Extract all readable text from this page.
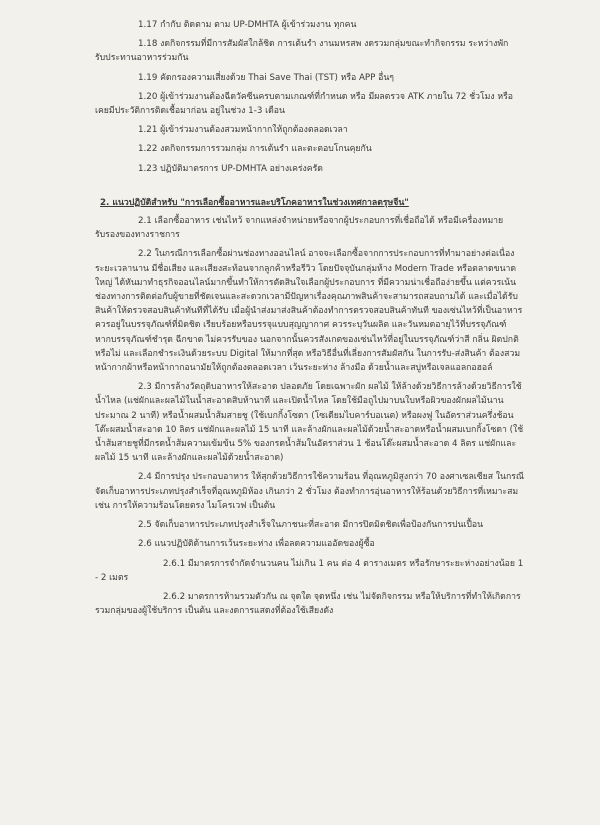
1.17 กำกับ ติดตาม ตาม UP-DMHTA ผู้เข้าร่วมงาน ทุกคน
1.18 งดกิจกรรมที่มีการสัมผัสใกล้ชิด การเต้นรำ งานมหรสพ งดรวมกลุ่มขณะทำกิจกรรม ระหว่างพัก
รับประทานอาหารร่วมกัน
1.19 คัดกรองความเสี่ยงด้วย Thai Save Thai (TST) หรือ APP อื่นๆ
1.20 ผู้เข้าร่วมงานต้องฉีดวัคซีนครบตามเกณฑ์ที่กำหนด หรือ มีผลตรวจ ATK ภายใน 72 ชั่วโมง หรือ
เคยมีประวัติการติดเชื้อมาก่อน อยู่ในช่วง 1-3 เดือน
1.21 ผู้เข้าร่วมงานต้องสวมหน้ากากให้ถูกต้องตลอดเวลา
1.22 งดกิจกรรมการรวมกลุ่ม การเต้นรำ และตะตอบโกนคุยกัน
1.23 ปฏิบัติมาตรการ UP-DMHTA อย่างเคร่งครัด
2. แนวปฏิบัติสำหรับ "การเลือกซื้ออาหารและบริโภคอาหารในช่วงเทศกาลตรุษจีน"
2.1 เลือกซื้ออาหาร เช่นไหว้ จากแหล่งจำหน่ายหรือจากผู้ประกอบการที่เชื่อถือได้ หรือมีเครื่องหมายรับรองของทางราชการ
2.2 ในกรณีการเลือกซื้อผ่านช่องทางออนไลน์ อาจจะเลือกซื้อจากการประกอบการที่ทำมาอย่างต่อเนื่องระยะเวลานาน มีชื่อเสียง และเสียงสะท้อนจากลูกค้าหรือรีวิว โดยปัจจุบันกลุ่มห้าง Modern Trade หรือตลาดขนาดใหญ่ ได้หันมาทำธุรกิจออนไลน์มากขึ้นทำให้การตัดสินใจเลือกผู้ประกอบการ ที่มีความน่าเชื่อถือง่ายขึ้น แต่ควรเน้นช่องทางการติดต่อกับผู้ขายที่ชัดเจนและสะดวกเวลามีปัญหาเรื่องคุณภาพสินค้าจะสามารถสอบถามได้ และเมื่อได้รับสินค้าให้ตรวจสอบสินค้าทันทีที่ได้รับ เมื่อผู้นำส่งมาส่งสินค้าต้องทำการตรวจสอบสินค้าทันที ของเซ่นไหว้ที่เป็นอาหารควรอยู่ในบรรจุภัณฑ์ที่มิดชิด เรียบร้อยหรือบรรจุแบบสุญญากาศ ควรระบุวันผลิต และวันหมดอายุไว้ที่บรรจุภัณฑ์ หากบรรจุภัณฑ์ชำรุด ฉีกขาด ไม่ควรรับของ นอกจากนั้นควรสังเกตของเซ่นไหว้ที่อยู่ในบรรจุภัณฑ์ว่าสี กลิ่น ผิดปกติหรือไม่ และเลือกชำระเงินด้วยระบบ Digital ให้มากที่สุด หรือวิธีอื่นที่เลี่ยงการสัมผัสกัน ในการรับ-ส่งสินค้า ต้องสวมหน้ากากผ้าหรือหน้ากากอนามัยให้ถูกต้องตลอดเวลา เว้นระยะห่าง ล้างมือ ด้วยน้ำและสบู่หรือเจลแอลกอฮอล์
2.3 มีการล้างวัตถุดิบอาหารให้สะอาด ปลอดภัย โดยเฉพาะผัก ผลไม้ ให้ล้างด้วยวิธีการล้างด้วยวิธีการใช้น้ำไหล (แช่ผักและผลไม้ในน้ำสะอาดสิบห้านาที และเปิดน้ำไหล โดยใช้มือถูไปมาบนใบหรือผิวของผักผลไม้นานประมาณ 2 นาที) หรือน้ำผสมน้ำส้มสายชู (ใช้เบกกิ้งโซดา (โซเดียมไบคาร์บอเนต) หรือผงฟู ในอัตราส่วนครึ่งช้อนโต๊ะผสมน้ำสะอาด 10 ลิตร แช่ผักและผลไม้ 15 นาที และล้างผักและผลไม้ด้วยน้ำสะอาดหรือน้ำผสมเบกกิ้งโซดา (ใช้น้ำส้มสายชูที่มีกรดน้ำส้มความเข้มข้น 5% ของกรดน้ำส้มในอัตราส่วน 1 ช้อนโต๊ะผสมน้ำสะอาด 4 ลิตร แช่ผักและผลไม้ 15 นาที และล้างผักและผลไม้ด้วยน้ำสะอาด)
2.4 มีการปรุง ประกอบอาหาร ให้สุกด้วยวิธีการใช้ความร้อน ที่อุณหภูมิสูงกว่า 70 องศาเซลเซียส ในกรณีจัดเก็บอาหารประเภทปรุงสำเร็จที่อุณหภูมิห้อง เกินกว่า 2 ชั่วโมง ต้องทำการอุ่นอาหารให้ร้อนด้วยวิธีการที่เหมาะสม เช่น การให้ความร้อนโดยตรง ไมโครเวฟ เป็นต้น
2.5 จัดเก็บอาหารประเภทปรุงสำเร็จในภาชนะที่สะอาด มีการปิดมิดชิดเพื่อป้องกันการปนเปื้อน
2.6 แนวปฏิบัติด้านการเว้นระยะห่าง เพื่อลดความแออัดของผู้ซื้อ
2.6.1 มีมาตรการจำกัดจำนวนคน ไม่เกิน 1 คน ต่อ 4 ตารางเมตร หรือรักษาระยะห่างอย่างน้อย 1 - 2 เมตร
2.6.2 มาตรการห้ามรวมตัวกัน ณ จุดใด จุดหนึ่ง เช่น ไม่จัดกิจกรรม หรือให้บริการที่ทำให้เกิดการรวมกลุ่มของผู้ใช้บริการ เป็นต้น และงดการแสดงที่ต้องใช้เสียงดัง
